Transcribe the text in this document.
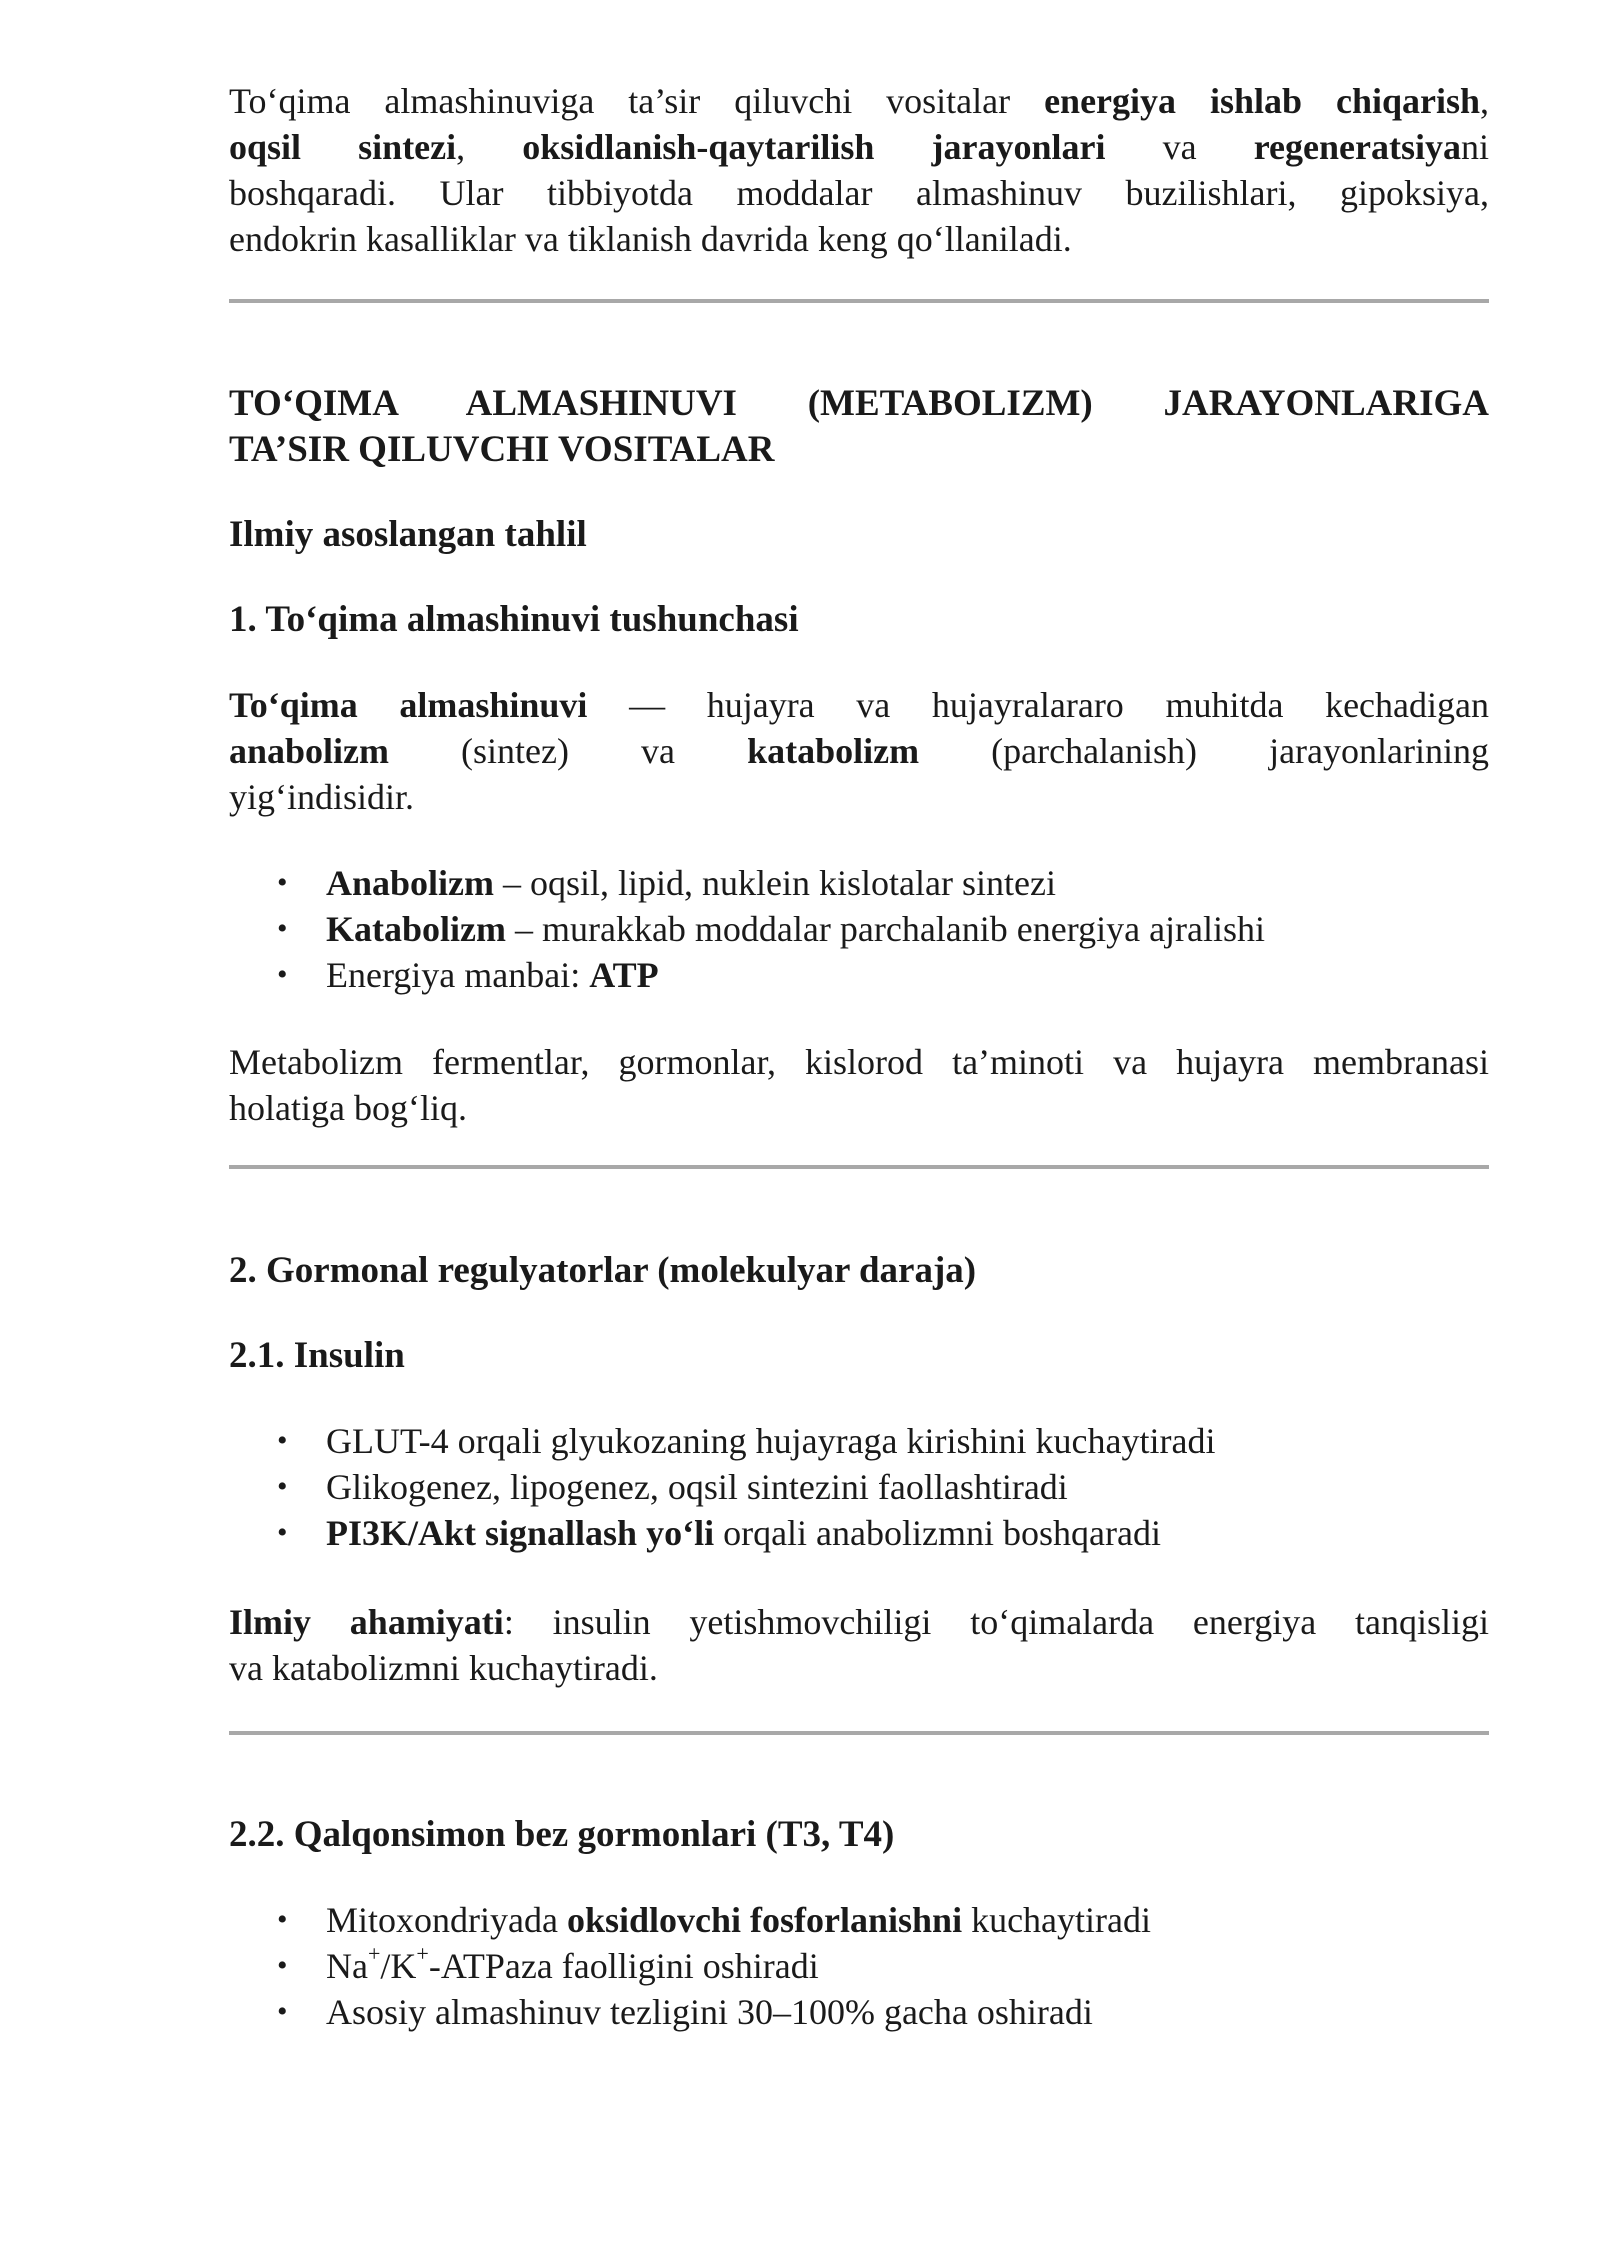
To‘qima almashinuviga ta’sir qiluvchi vositalar energiya ishlab chiqarish,

oqsil sintezi, oksidlanish-qaytarilish jarayonlari va regeneratsiyani

boshqaradi. Ular tibbiyotda moddalar almashinuv buzilishlari, gipoksiya,

endokrin kasalliklar va tiklanish davrida keng qo‘llaniladi.

TO‘QIMA ALMASHINUVI (METABOLIZM) JARAYONLARIGA
TA’SIR QILUVCHI VOSITALAR
Ilmiy asoslangan tahlil
1. To‘qima almashinuvi tushunchasi

To‘qima almashinuvi — hujayra va hujayralararo muhitda kechadigan

anabolizm (sintez) va katabolizm (parchalanish) jarayonlarining

yig‘indisidir.

• Anabolizm – oqsil, lipid, nuklein kislotalar sintezi
• Katabolizm – murakkab moddalar parchalanib energiya ajralishi
• Energiya manbai: ATP

Metabolizm fermentlar, gormonlar, kislorod ta’minoti va hujayra membranasi

holatiga bog‘liq.

2. Gormonal regulyatorlar (molekulyar daraja)
2.1. Insulin
• GLUT-4 orqali glyukozaning hujayraga kirishini kuchaytiradi
• Glikogenez, lipogenez, oqsil sintezini faollashtiradi
• PI3K/Akt signallash yo‘li orqali anabolizmni boshqaradi

Ilmiy ahamiyati: insulin yetishmovchiligi to‘qimalarda energiya tanqisligi

va katabolizmni kuchaytiradi.

2.2. Qalqonsimon bez gormonlari (T3, T4)
• Mitoxondriyada oksidlovchi fosforlanishni kuchaytiradi
• Na+/K+-ATPaza faolligini oshiradi
• Asosiy almashinuv tezligini 30–100% gacha oshiradi
